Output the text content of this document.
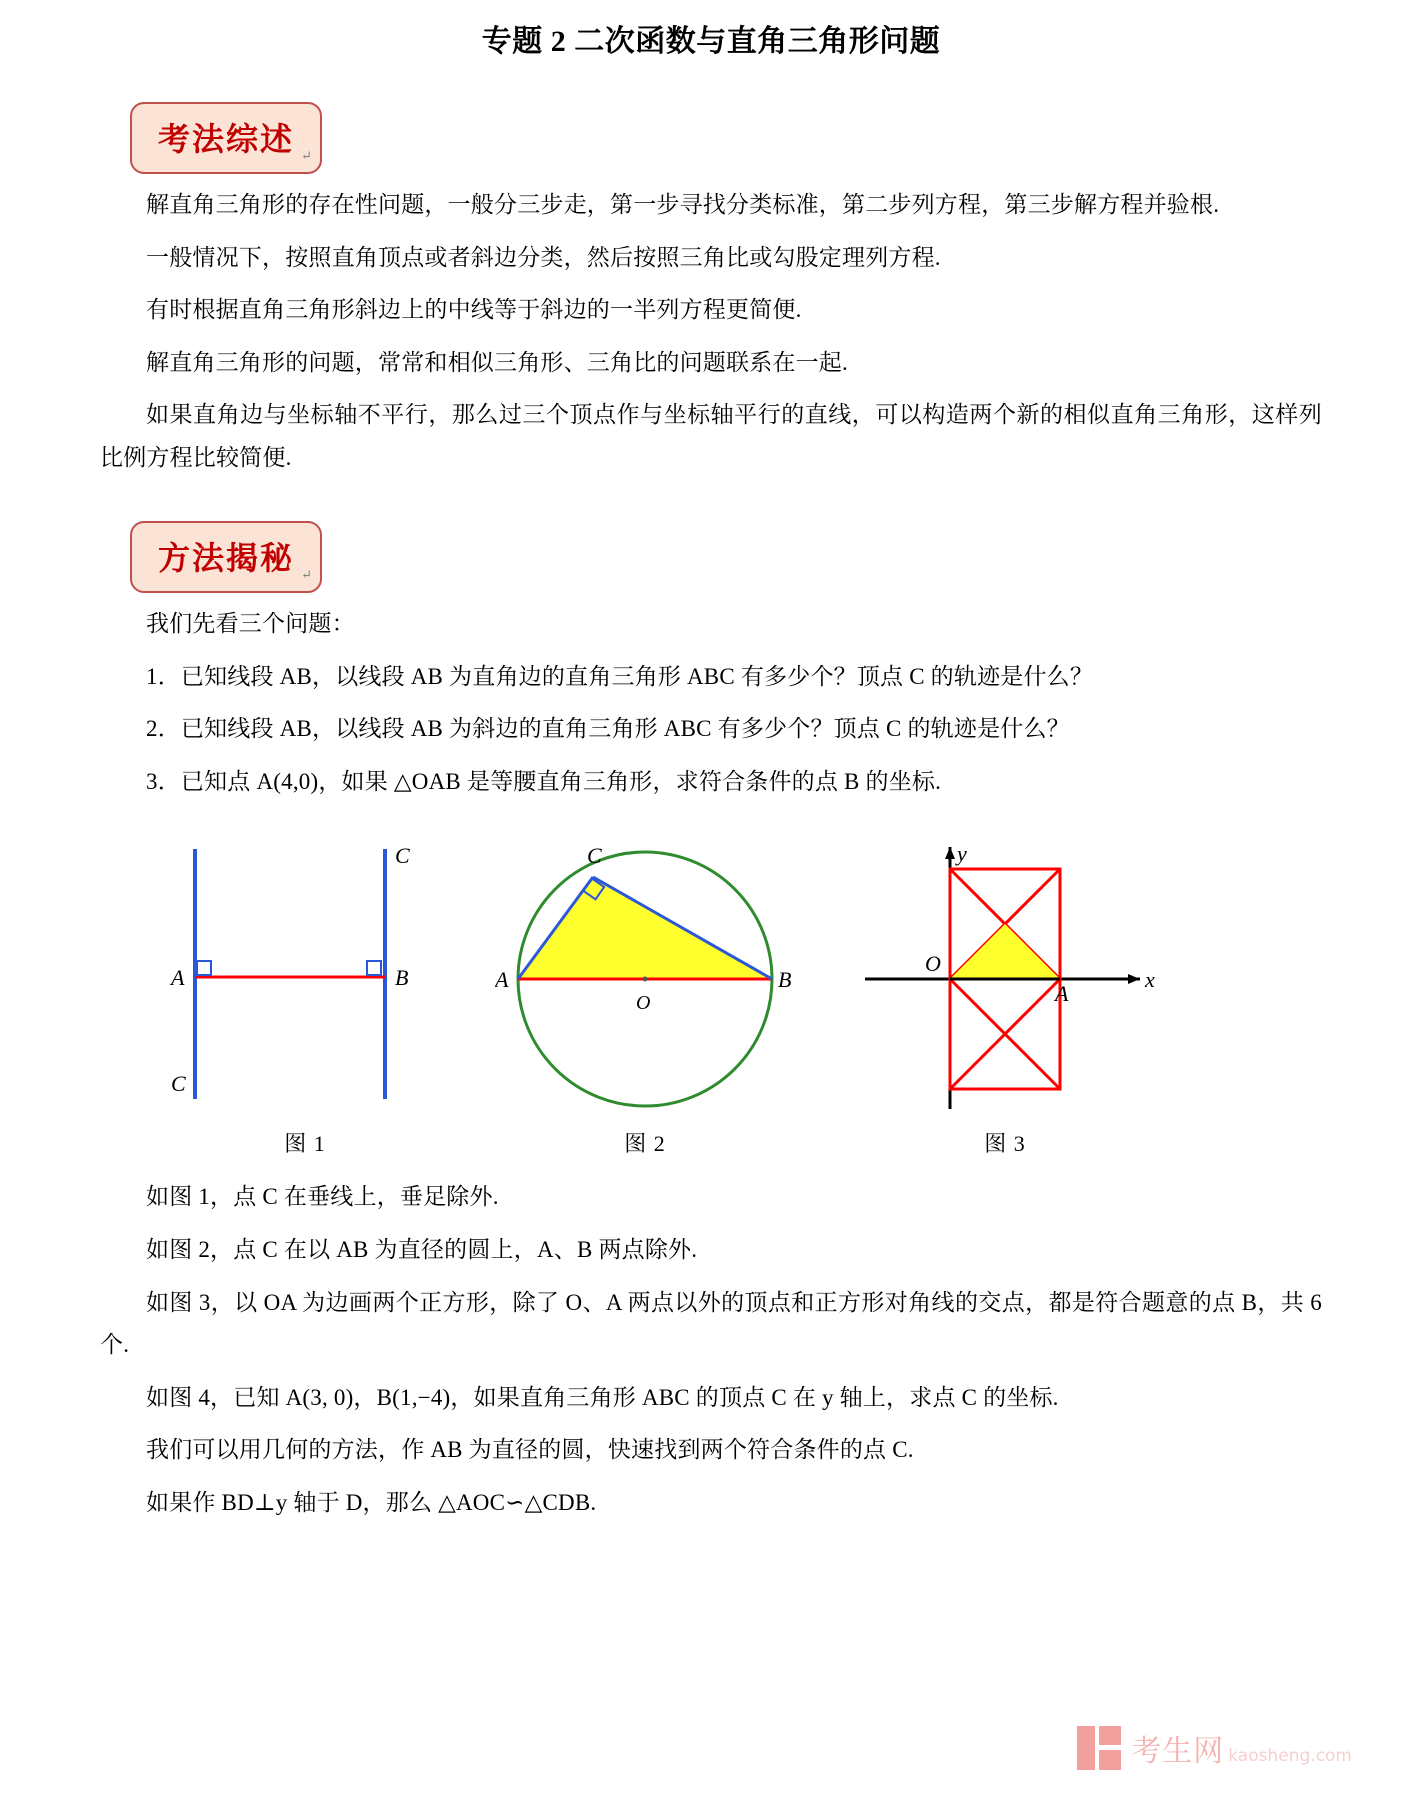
专题 2 二次函数与直角三角形问题
考法综述 ↵

解直角三角形的存在性问题，一般分三步走，第一步寻找分类标准，第二步列方程，第三步解方程并验根.

一般情况下，按照直角顶点或者斜边分类，然后按照三角比或勾股定理列方程.

有时根据直角三角形斜边上的中线等于斜边的一半列方程更简便.

解直角三角形的问题，常常和相似三角形、三角比的问题联系在一起.

如果直角边与坐标轴不平行，那么过三个顶点作与坐标轴平行的直线，可以构造两个新的相似直角三角形，这样列比例方程比较简便.

方法揭秘 ↵

我们先看三个问题：

1．已知线段 AB，以线段 AB 为直角边的直角三角形 ABC 有多少个？顶点 C 的轨迹是什么？

2．已知线段 AB，以线段 AB 为斜边的直角三角形 ABC 有多少个？顶点 C 的轨迹是什么？

3．已知点 A(4,0)，如果 △OAB 是等腰直角三角形，求符合条件的点 B 的坐标.

A	B
C
C
图 1
A	B
C
O
图 2
O
A
x
y
图 3

如图 1，点 C 在垂线上，垂足除外.

如图 2，点 C 在以 AB 为直径的圆上，A、B 两点除外.

如图 3，以 OA 为边画两个正方形，除了 O、A 两点以外的顶点和正方形对角线的交点，都是符合题意的点 B，共 6 个.

如图 4，已知 A(3, 0)，B(1,−4)，如果直角三角形 ABC 的顶点 C 在 y 轴上，求点 C 的坐标.

我们可以用几何的方法，作 AB 为直径的圆，快速找到两个符合条件的点 C.

如果作 BD⊥y 轴于 D，那么 △AOC∽△CDB.

考生网 kaosheng.com
